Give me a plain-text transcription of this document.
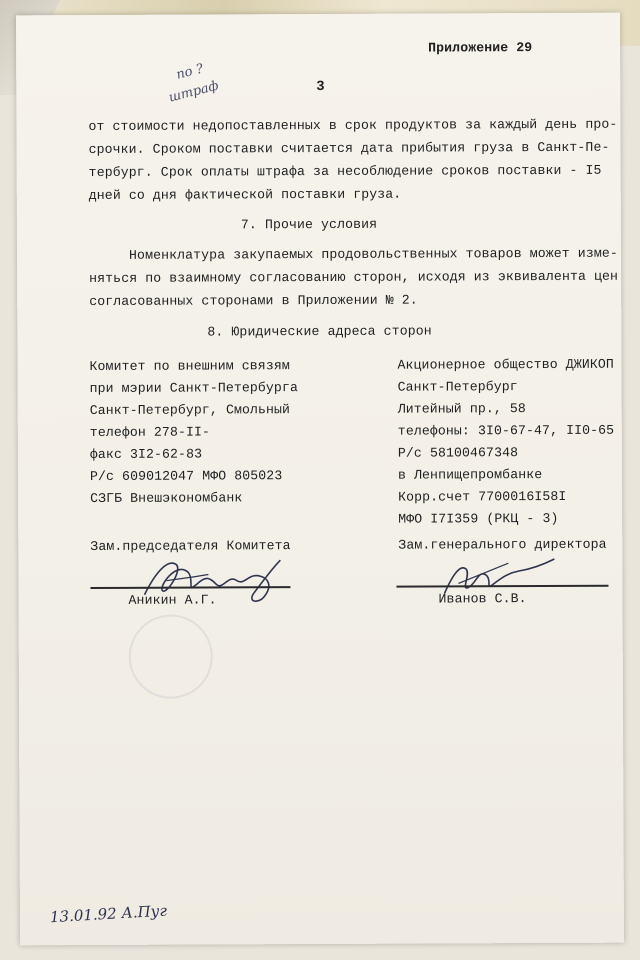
Приложение 29
3
по ?
штраф
от стоимости недопоставленных в срок продуктов за каждый день про-
срочки. Сроком поставки считается дата прибытия груза в Санкт-Пе-
тербург. Срок оплаты штрафа за несоблюдение сроков поставки - I5
дней со дня фактической поставки груза.
7. Прочие условия
Номенклатура закупаемых продовольственных товаров может изме-
няться по взаимному согласованию сторон, исходя из эквивалента цен
согласованных сторонами в Приложении № 2.
8. Юридические адреса сторон
Комитет по внешним связям
при мэрии Санкт-Петербурга
Санкт-Петербург, Смольный
телефон 278-II-
факс 3I2-62-83
Р/с 609012047 МФО 805023
СЗГБ Внешэкономбанк
Акционерное общество ДЖИКОП
Санкт-Петербург
Литейный пр., 58
телефоны: 3I0-67-47, II0-65
Р/с 58100467348
в Ленпищепромбанке
Корр.счет 7700016I58I
МФО I7I359 (РКЦ - 3)
Зам.председателя Комитета	Зам.генерального директора
Аникин А.Г.	Иванов С.В.
13.01.92 А.Пуг
